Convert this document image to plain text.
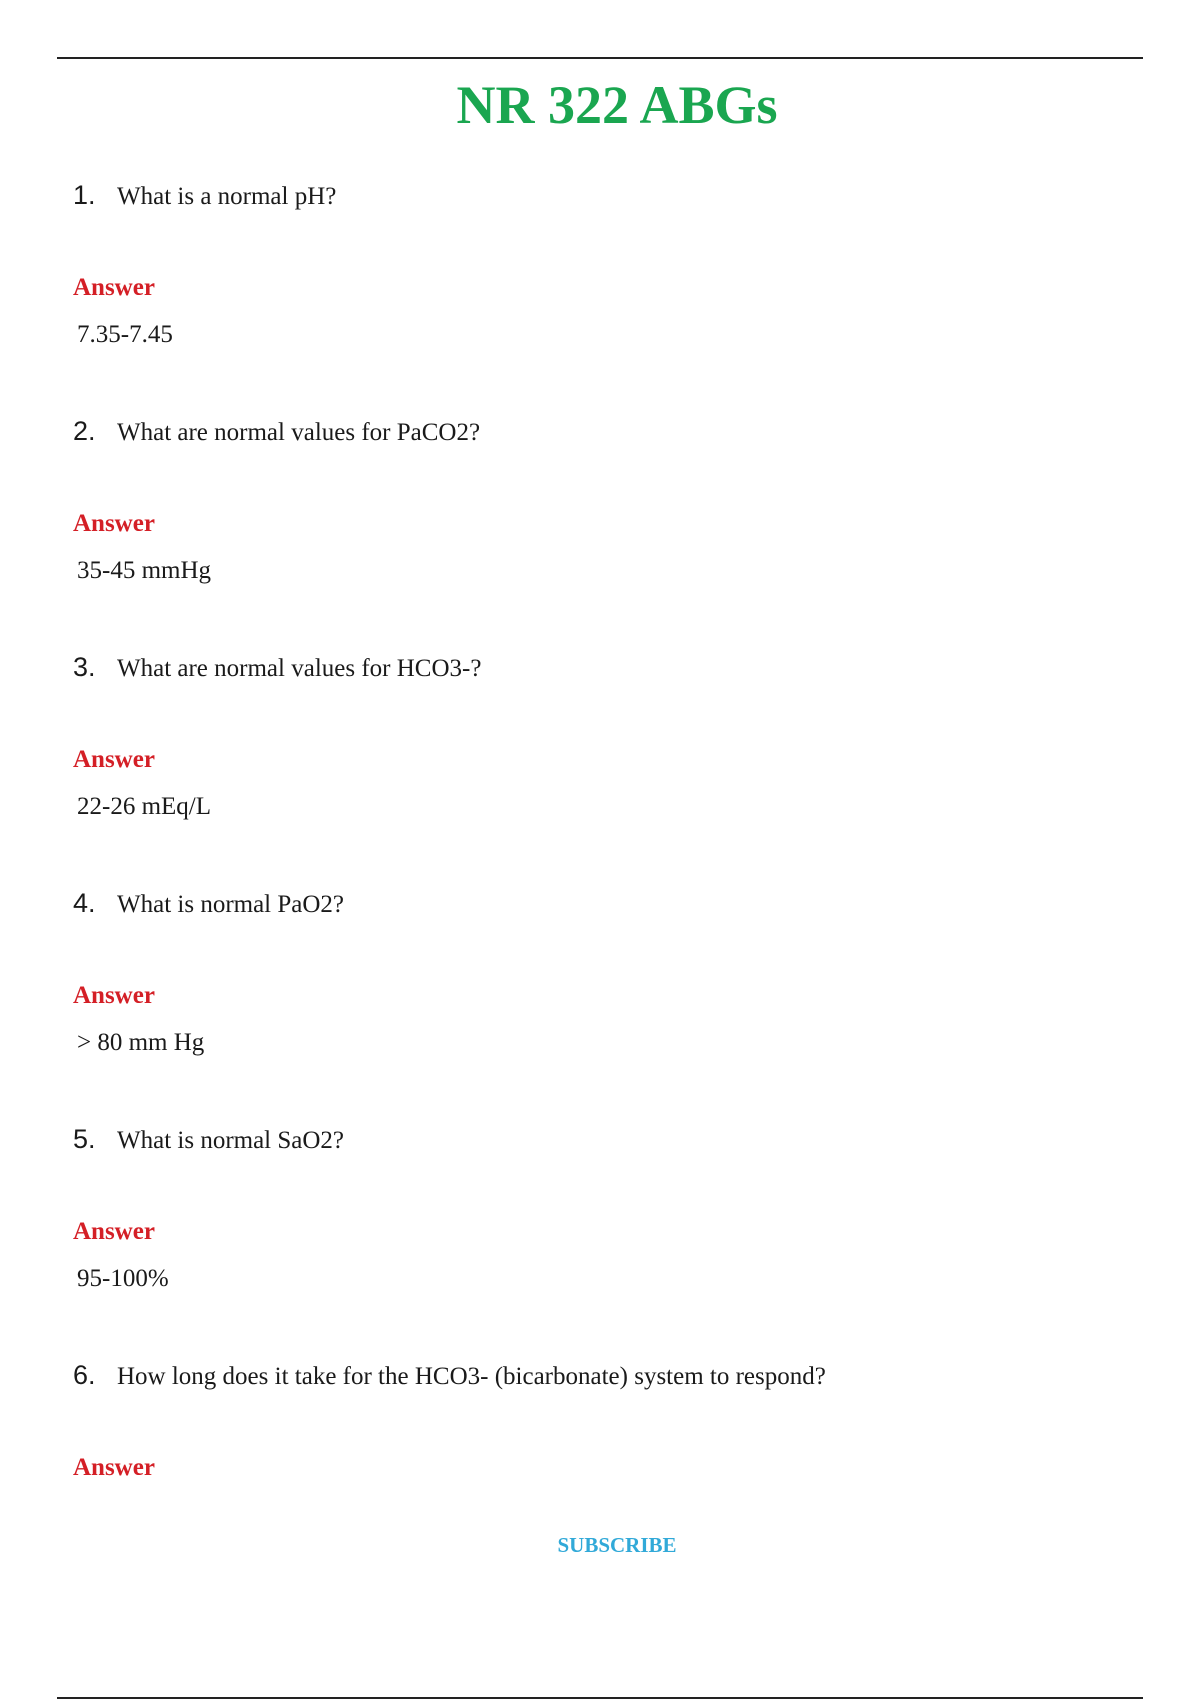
NR 322 ABGs
1. What is a normal pH?
Answer
7.35-7.45
2. What are normal values for PaCO2?
Answer
35-45 mmHg
3. What are normal values for HCO3-?
Answer
22-26 mEq/L
4. What is normal PaO2?
Answer
> 80 mm Hg
5. What is normal SaO2?
Answer
95-100%
6. How long does it take for the HCO3- (bicarbonate) system to respond?
Answer
SUBSCRIBE
